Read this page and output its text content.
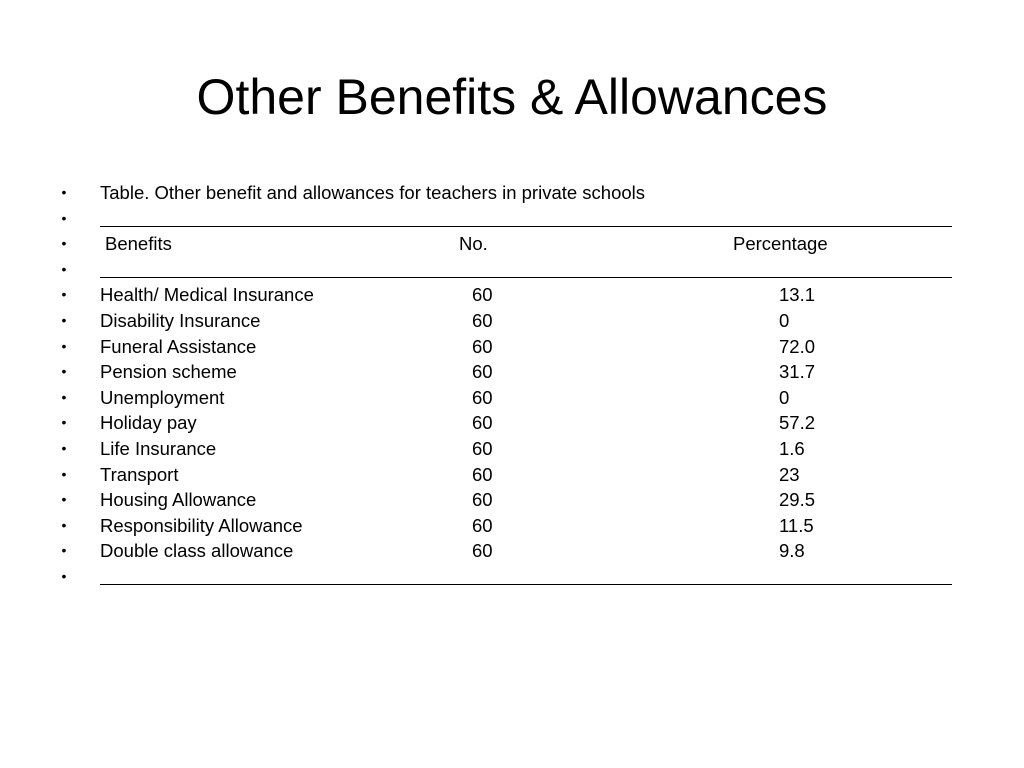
Other Benefits & Allowances
• Table. Other benefit and allowances for teachers in private schools
•
• Benefits	No.	Percentage
•
• Health/ Medical Insurance	60	13.1
• Disability Insurance	60	0
• Funeral Assistance	60	72.0
• Pension scheme	60	31.7
• Unemployment	60	0
• Holiday pay	60	57.2
• Life Insurance	60	1.6
• Transport	60	23
• Housing Allowance	60	29.5
• Responsibility Allowance	60	11.5
• Double class allowance	60	9.8
•
